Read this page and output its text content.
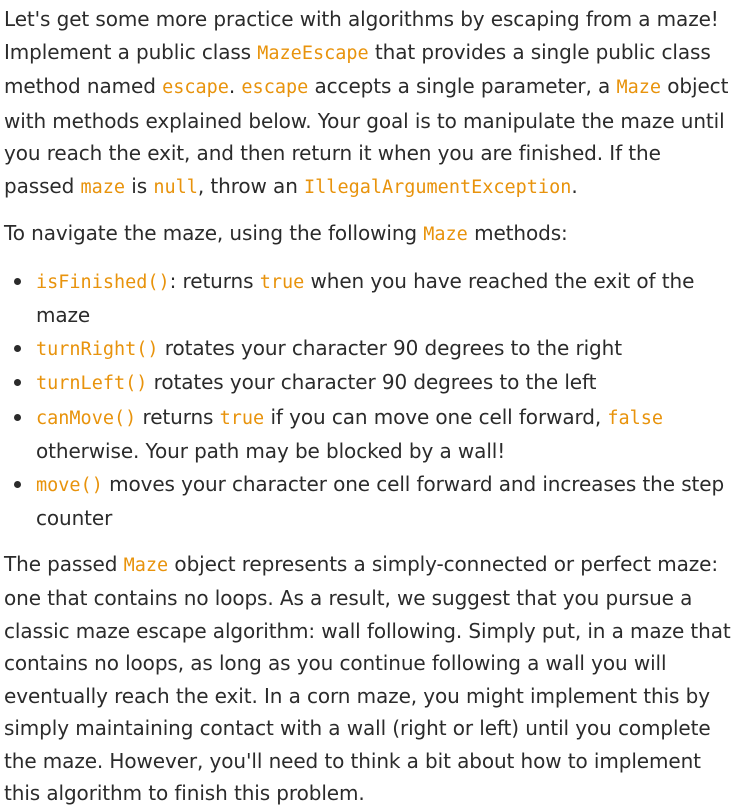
Let's get some more practice with algorithms by escaping from a maze! Implement a public class MazeEscape that provides a single public class method named escape. escape accepts a single parameter, a Maze object with methods explained below. Your goal is to manipulate the maze until you reach the exit, and then return it when you are finished. If the passed maze is null, throw an IllegalArgumentException.

To navigate the maze, using the following Maze methods:

isFinished(): returns true when you have reached the exit of the maze
turnRight() rotates your character 90 degrees to the right
turnLeft() rotates your character 90 degrees to the left
canMove() returns true if you can move one cell forward, false otherwise. Your path may be blocked by a wall!
move() moves your character one cell forward and increases the step counter

The passed Maze object represents a simply-connected or perfect maze: one that contains no loops. As a result, we suggest that you pursue a classic maze escape algorithm: wall following. Simply put, in a maze that contains no loops, as long as you continue following a wall you will eventually reach the exit. In a corn maze, you might implement this by simply maintaining contact with a wall (right or left) until you complete the maze. However, you'll need to think a bit about how to implement this algorithm to finish this problem.
